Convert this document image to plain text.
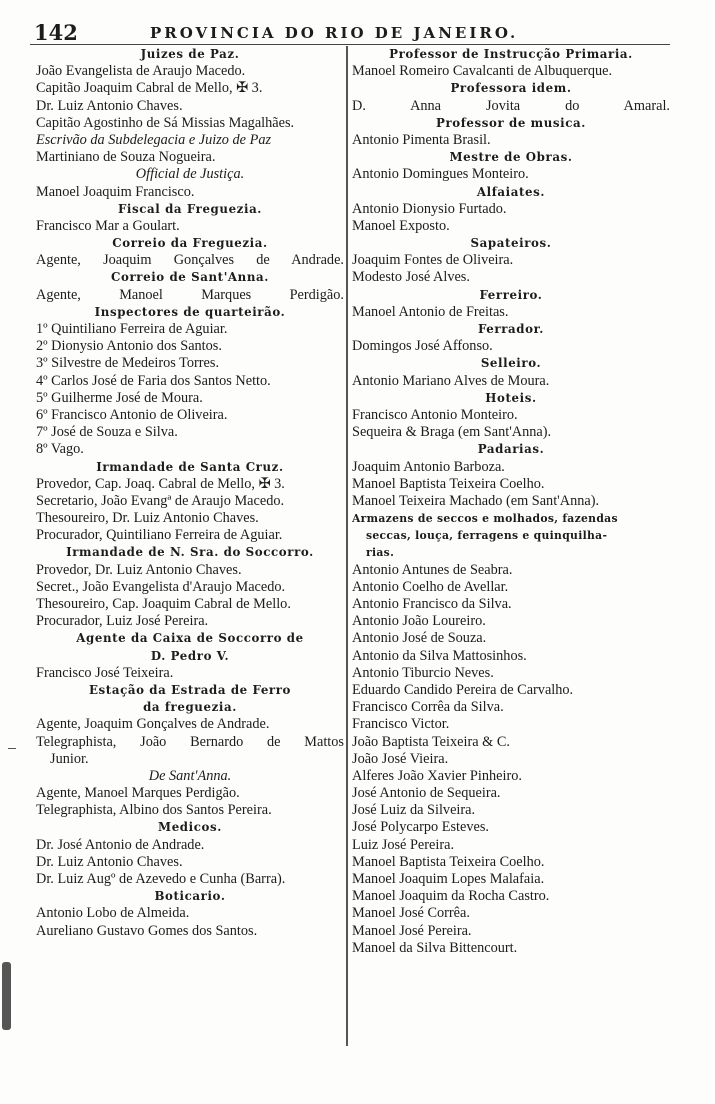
142	PROVINCIA DO RIO DE JANEIRO.
Juizes de Paz.
João Evangelista de Araujo Macedo.
Capitão Joaquim Cabral de Mello, ✠ 3.
Dr. Luiz Antonio Chaves.
Capitão Agostinho de Sá Missias Magalhães.
Escrivão da Subdelegacia e Juizo de Paz
Martiniano de Souza Nogueira.
Official de Justiça.
Manoel Joaquim Francisco.
Fiscal da Freguezia.
Francisco Mar a Goulart.
Correio da Freguezia.
Agente, Joaquim Gonçalves de Andrade.
Correio de Sant'Anna.
Agente, Manoel Marques Perdigão.
Inspectores de quarteirão.
1º Quintiliano Ferreira de Aguiar.
2º Dionysio Antonio dos Santos.
3º Silvestre de Medeiros Torres.
4º Carlos José de Faria dos Santos Netto.
5º Guilherme José de Moura.
6º Francisco Antonio de Oliveira.
7º José de Souza e Silva.
8º Vago.
Irmandade de Santa Cruz.
Provedor, Cap. Joaq. Cabral de Mello, ✠ 3.
Secretario, João Evangª de Araujo Macedo.
Thesoureiro, Dr. Luiz Antonio Chaves.
Procurador, Quintiliano Ferreira de Aguiar.
Irmandade de N. Sra. do Soccorro.
Provedor, Dr. Luiz Antonio Chaves.
Secret., João Evangelista d'Araujo Macedo.
Thesoureiro, Cap. Joaquim Cabral de Mello.
Procurador, Luiz José Pereira.
Agente da Caixa de Soccorro de
D. Pedro V.
Francisco José Teixeira.
Estação da Estrada de Ferro
da freguezia.
Agente, Joaquim Gonçalves de Andrade.
Telegraphista, João Bernardo de Mattos
Junior.
De Sant'Anna.
Agente, Manoel Marques Perdigão.
Telegraphista, Albino dos Santos Pereira.
Medicos.
Dr. José Antonio de Andrade.
Dr. Luiz Antonio Chaves.
Dr. Luiz Augº de Azevedo e Cunha (Barra).
Boticario.
Antonio Lobo de Almeida.
Aureliano Gustavo Gomes dos Santos.
Professor de Instrucção Primaria.
Manoel Romeiro Cavalcanti de Albuquerque.
Professora idem.
D. Anna Jovita do Amaral.
Professor de musica.
Antonio Pimenta Brasil.
Mestre de Obras.
Antonio Domingues Monteiro.
Alfaiates.
Antonio Dionysio Furtado.
Manoel Exposto.
Sapateiros.
Joaquim Fontes de Oliveira.
Modesto José Alves.
Ferreiro.
Manoel Antonio de Freitas.
Ferrador.
Domingos José Affonso.
Selleiro.
Antonio Mariano Alves de Moura.
Hoteis.
Francisco Antonio Monteiro.
Sequeira & Braga (em Sant'Anna).
Padarias.
Joaquim Antonio Barboza.
Manoel Baptista Teixeira Coelho.
Manoel Teixeira Machado (em Sant'Anna).
Armazens de seccos e molhados, fazendas
seccas, louça, ferragens e quinquilha-
rias.
Antonio Antunes de Seabra.
Antonio Coelho de Avellar.
Antonio Francisco da Silva.
Antonio João Loureiro.
Antonio José de Souza.
Antonio da Silva Mattosinhos.
Antonio Tiburcio Neves.
Eduardo Candido Pereira de Carvalho.
Francisco Corrêa da Silva.
Francisco Victor.
João Baptista Teixeira & C.
João José Vieira.
Alferes João Xavier Pinheiro.
José Antonio de Sequeira.
José Luiz da Silveira.
José Polycarpo Esteves.
Luiz José Pereira.
Manoel Baptista Teixeira Coelho.
Manoel Joaquim Lopes Malafaia.
Manoel Joaquim da Rocha Castro.
Manoel José Corrêa.
Manoel José Pereira.
Manoel da Silva Bittencourt.
